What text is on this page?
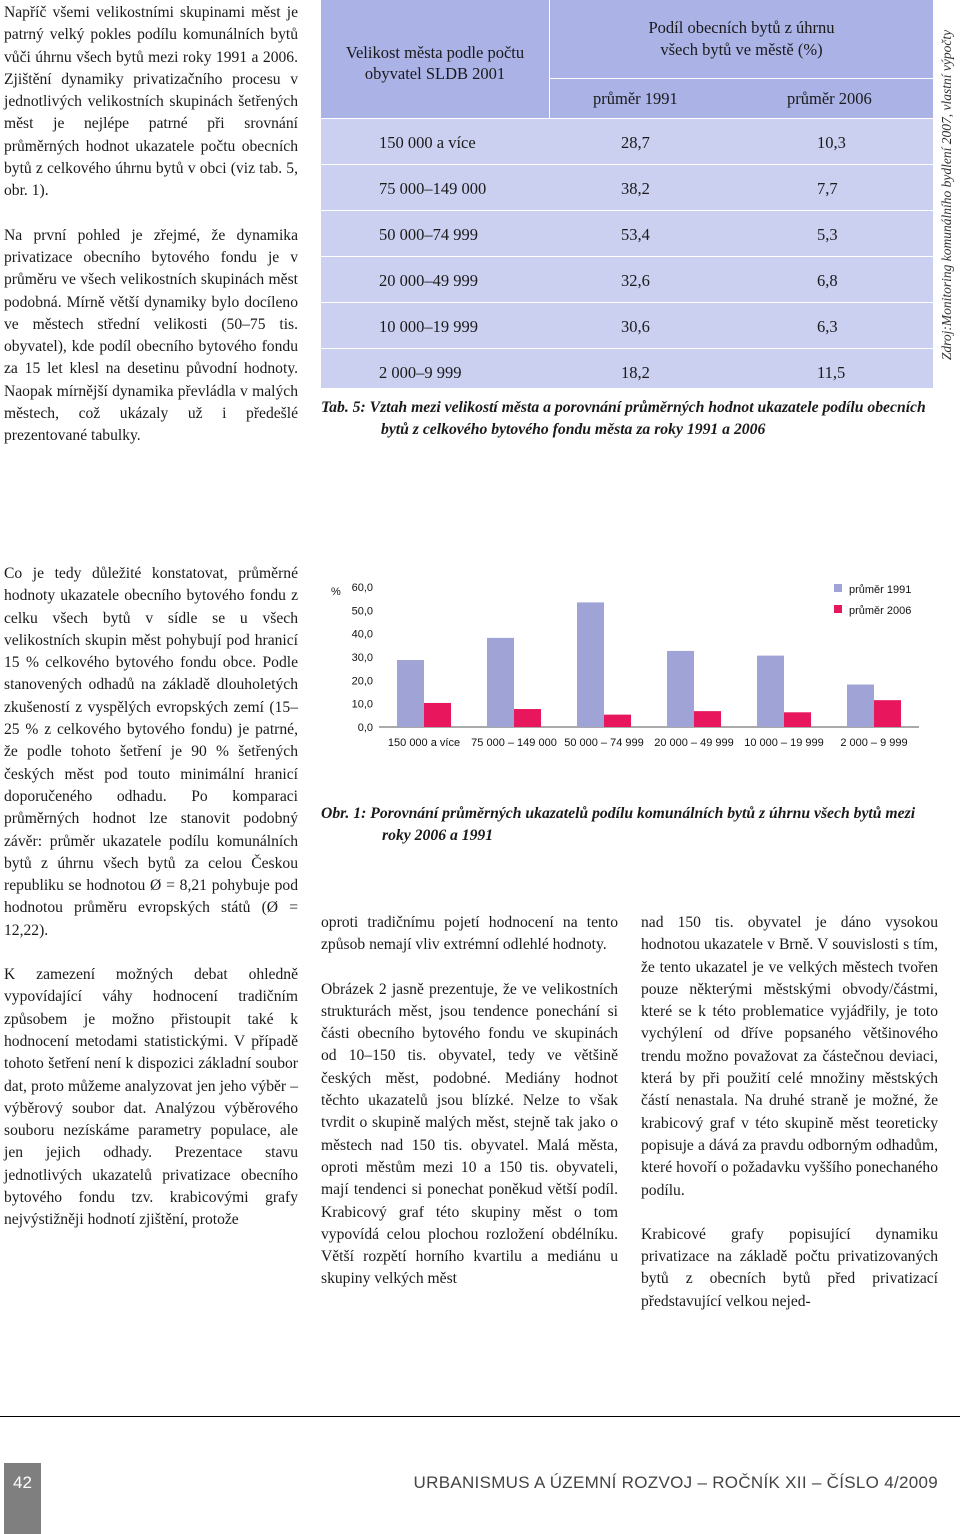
Napříč všemi velikostními skupinami měst je patrný velký pokles podílu komunálních bytů vůči úhrnu všech bytů mezi roky 1991 a 2006. Zjištění dynamiky privatizačního procesu v jednotlivých velikostních skupinách šetřených měst je nejlépe patrné při srovnání průměrných hodnot ukazatele počtu obecních bytů z celkového úhrnu bytů v obci (viz tab. 5, obr. 1).

Na první pohled je zřejmé, že dynamika privatizace obecního bytového fondu je v průměru ve všech velikostních skupinách měst podobná. Mírně větší dynamiky bylo docíleno ve městech střední velikosti (50–75 tis. obyvatel), kde podíl obecního bytového fondu za 15 let klesl na desetinu původní hodnoty. Naopak mírnější dynamika převládla v malých městech, což ukázaly už i předešlé prezentované tabulky.

Velikost města podle počtu
obyvatel SLDB 2001
Podíl obecních bytů z úhrnu
všech bytů ve městě (%)
průměr 1991	průměr 2006
150 000 a více	28,7	10,3
75 000–149 000	38,2	7,7
50 000–74 999	53,4	5,3
20 000–49 999	32,6	6,8
10 000–19 999	30,6	6,3
2 000–9 999	18,2	11,5
Zdroj:Monitoring komunálního bydlení 2007, vlastní výpočty
Tab. 5: Vztah mezi velikostí města a porovnání průměrných hodnot ukazatele podílu obecních bytů z celkového bytového fondu města za roky 1991 a 2006

Co je tedy důležité konstatovat, průměrné hodnoty ukazatele obecního bytového fondu z celku všech bytů v sídle se u všech velikostních skupin měst pohybují pod hranicí 15 % celkového bytového fondu obce. Podle stanovených odhadů na základě dlouholetých zkušeností z vyspělých evropských zemí (15–25 % z celkového bytového fondu) je patrné, že podle tohoto šetření je 90 % šetřených českých měst pod touto minimální hranicí doporučeného odhadu. Po komparaci průměrných hodnot lze stanovit podobný závěr: průměr ukazatele podílu komunálních bytů z úhrnu všech bytů za celou Českou republiku se hodnotou Ø = 8,21 pohybuje pod hodnotou průměru evropských států (Ø = 12,22).

K zamezení možných debat ohledně vypovídající váhy hodnocení tradičním způsobem je možno přistoupit také k hodnocení metodami statistickými. V případě tohoto šetření není k dispozici základní soubor dat, proto můžeme analyzovat jen jeho výběr – výběrový soubor dat. Analýzou výběrového souboru nezískáme parametry populace, ale jen jejich odhady. Prezentace stavu jednotlivých ukazatelů privatizace obecního bytového fondu tzv. krabicovými grafy nejvýstižněji hodnotí zjištění, protože

%
0,0
10,0
20,0
30,0
40,0
50,0
60,0
150 000 a více 75 000 – 149 000 50 000 – 74 999 20 000 – 49 999 10 000 – 19 999 2 000 – 9 999
průměr 1991
průměr 2006
Obr. 1: Porovnání průměrných ukazatelů podílu komunálních bytů z úhrnu všech bytů mezi roky 2006 a 1991

oproti tradičnímu pojetí hodnocení na tento způsob nemají vliv extrémní odlehlé hodnoty.

Obrázek 2 jasně prezentuje, že ve velikostních strukturách měst, jsou tendence ponechání si části obecního bytového fondu ve skupinách od 10–150 tis. obyvatel, tedy ve většině českých měst, podobné. Mediány hodnot těchto ukazatelů jsou blízké. Nelze to však tvrdit o skupině malých měst, stejně tak jako o městech nad 150 tis. obyvatel. Malá města, oproti městům mezi 10 a 150 tis. obyvateli, mají tendenci si ponechat poněkud větší podíl. Krabicový graf této skupiny měst o tom vypovídá celou plochou rozložení obdélníku. Větší rozpětí horního kvartilu a mediánu u skupiny velkých měst

nad 150 tis. obyvatel je dáno vysokou hodnotou ukazatele v Brně. V souvislosti s tím, že tento ukazatel je ve velkých městech tvořen pouze některými městskými obvody/částmi, které se k této problematice vyjádřily, je toto vychýlení od dříve popsaného většinového trendu možno považovat za částečnou deviaci, která by při použití celé množiny městských částí nenastala. Na druhé straně je možné, že krabicový graf v této skupině měst teoreticky popisuje a dává za pravdu odborným odhadům, které hovoří o požadavku vyššího ponechaného podílu.

Krabicové grafy popisující dynamiku privatizace na základě počtu privatizovaných bytů z obecních bytů před privatizací představující velkou nejed-

42	URBANISMUS A ÚZEMNÍ ROZVOJ – ROČNÍK XII – ČÍSLO 4/2009
